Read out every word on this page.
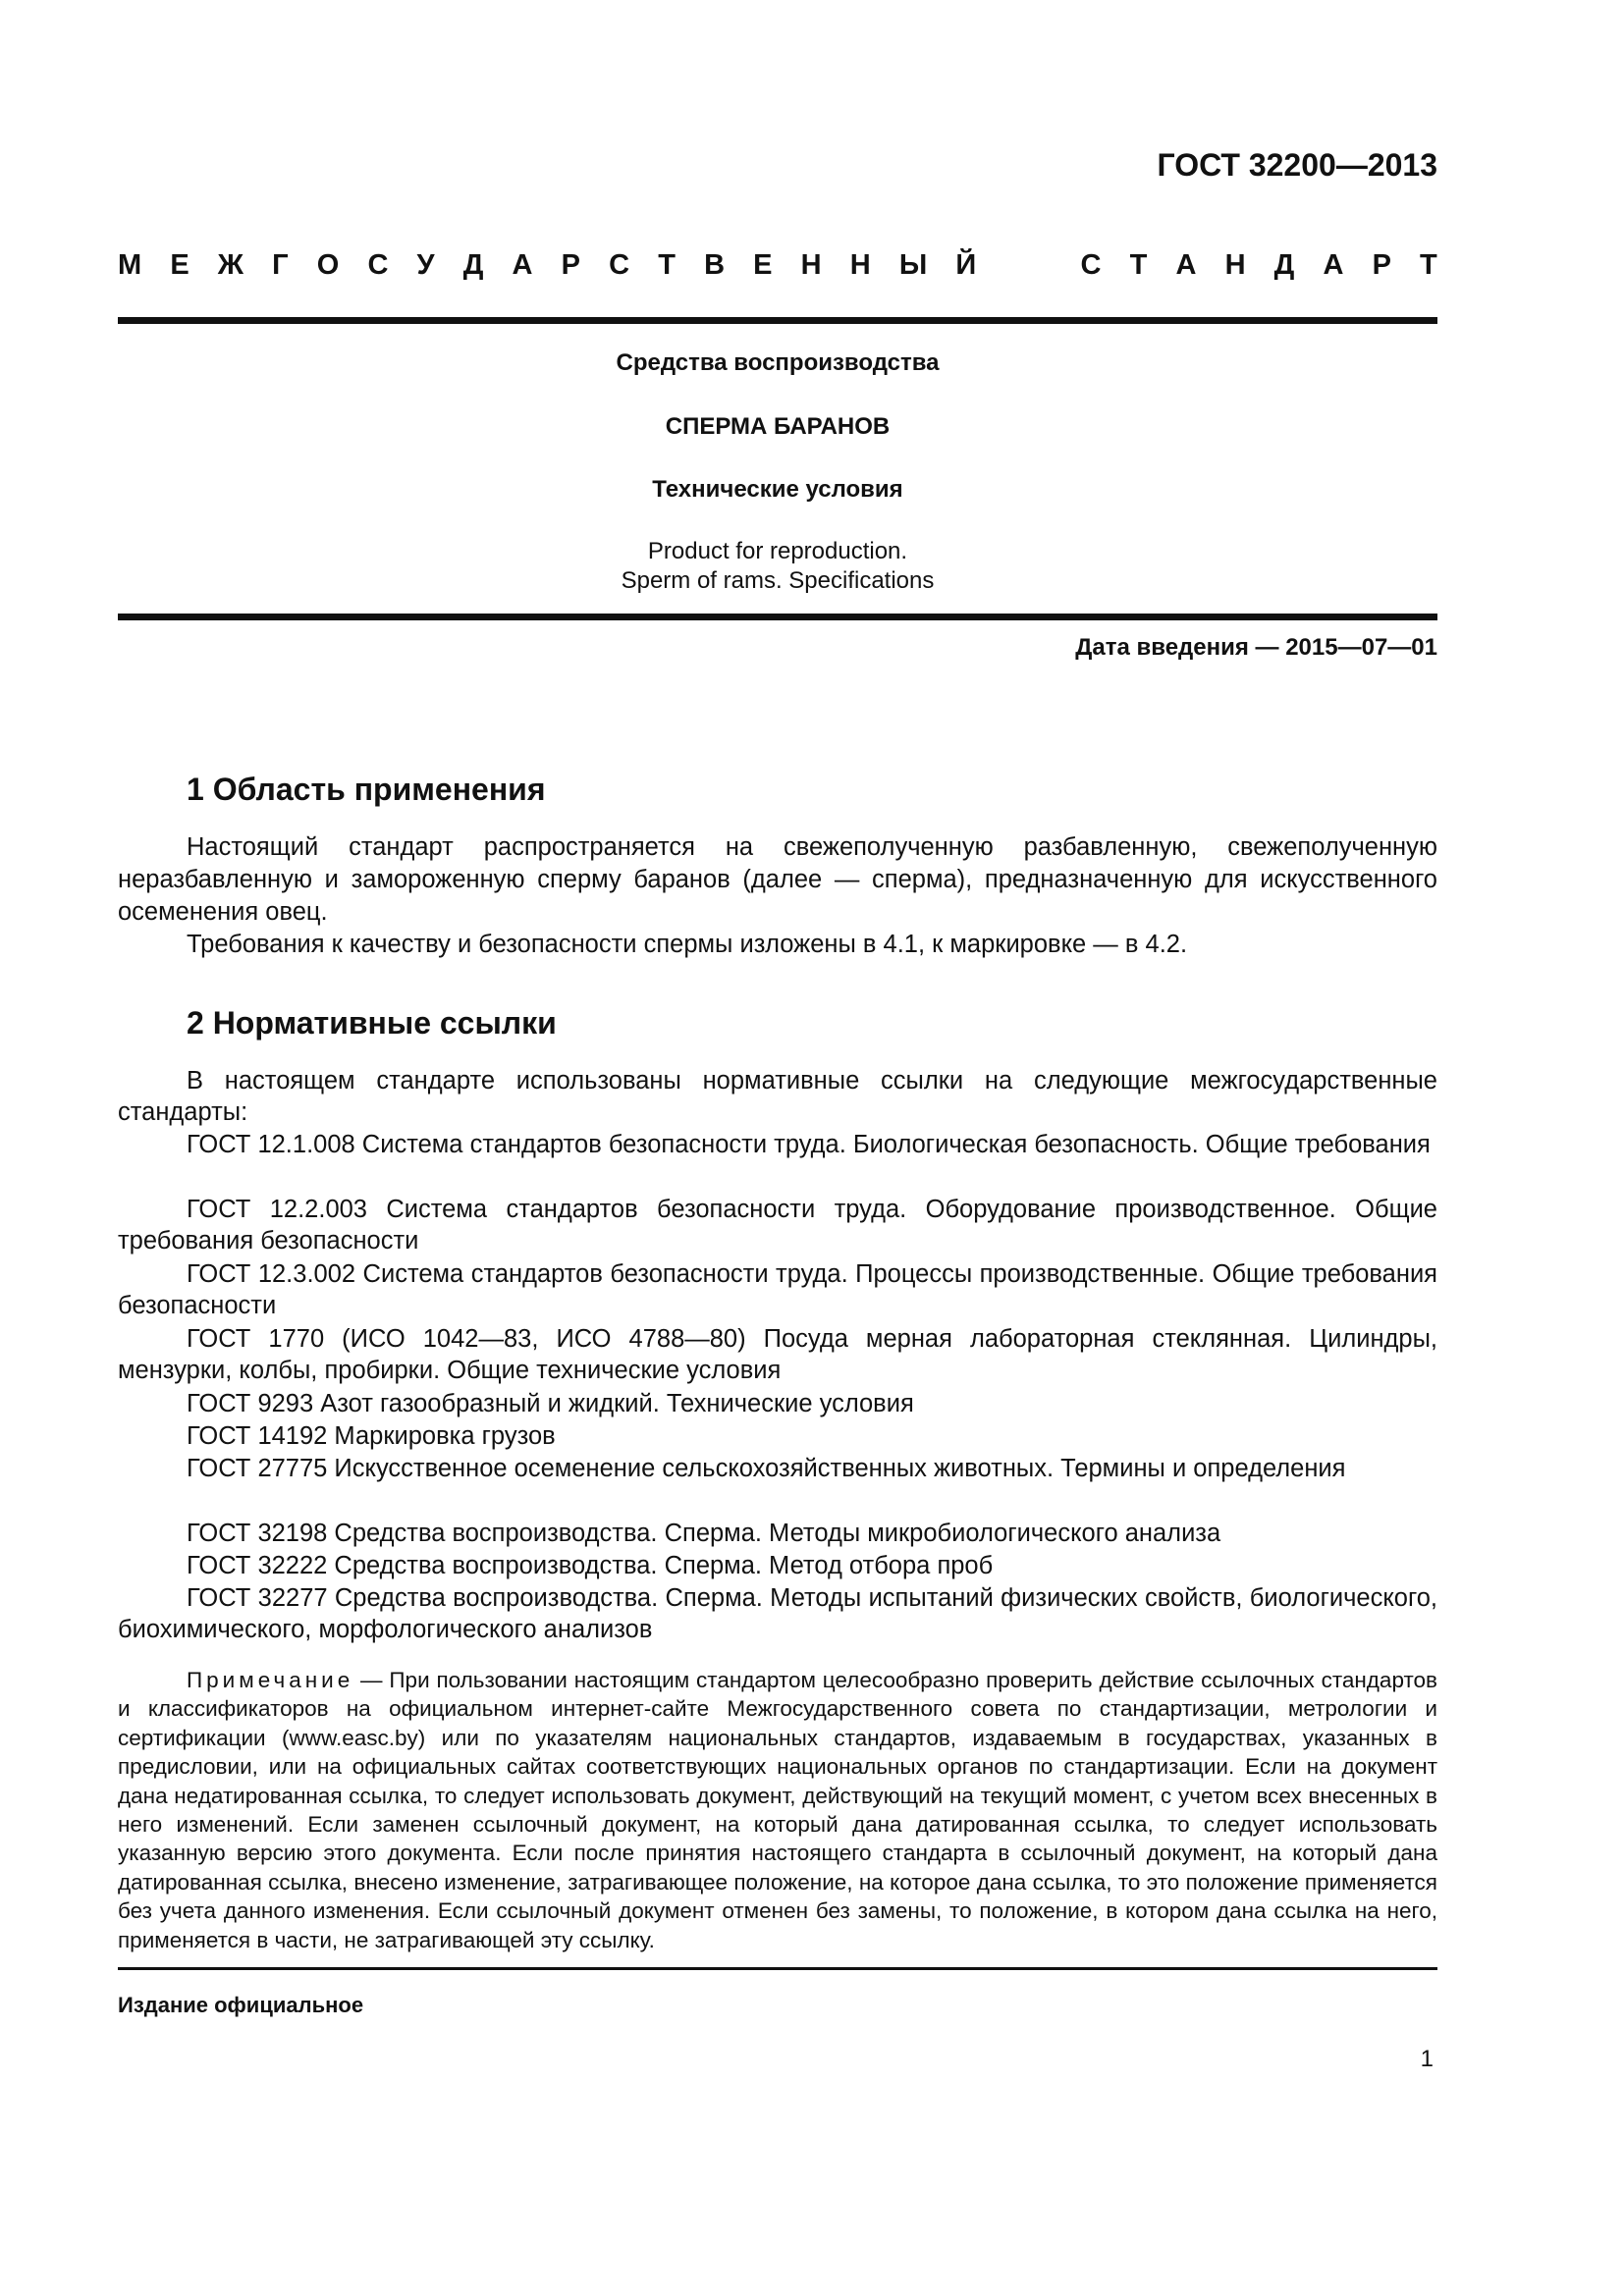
ГОСТ 32200—2013
М Е Ж Г О С У Д А Р С Т В Е Н Н Ы Й	С Т А Н Д А Р Т
Средства воспроизводства
СПЕРМА БАРАНОВ
Технические условия
Product for reproduction.
Sperm of rams. Specifications
Дата введения — 2015—07—01
1 Область применения

Настоящий стандарт распространяется на свежеполученную разбавленную, свежеполученную неразбавленную и замороженную сперму баранов (далее — сперма), предназначенную для искусственного осеменения овец.

Требования к качеству и безопасности спермы изложены в 4.1, к маркировке — в 4.2.

2 Нормативные ссылки

В настоящем стандарте использованы нормативные ссылки на следующие межгосударственные стандарты:

ГОСТ 12.1.008 Система стандартов безопасности труда. Биологическая безопасность. Общие требования

ГОСТ 12.2.003 Система стандартов безопасности труда. Оборудование производственное. Общие требования безопасности

ГОСТ 12.3.002 Система стандартов безопасности труда. Процессы производственные. Общие требования безопасности

ГОСТ 1770 (ИСО 1042—83, ИСО 4788—80) Посуда мерная лабораторная стеклянная. Цилиндры, мензурки, колбы, пробирки. Общие технические условия

ГОСТ 9293 Азот газообразный и жидкий. Технические условия

ГОСТ 14192 Маркировка грузов

ГОСТ 27775 Искусственное осеменение сельскохозяйственных животных. Термины и определения

ГОСТ 32198 Средства воспроизводства. Сперма. Методы микробиологического анализа

ГОСТ 32222 Средства воспроизводства. Сперма. Метод отбора проб

ГОСТ 32277 Средства воспроизводства. Сперма. Методы испытаний физических свойств, биологического, биохимического, морфологического анализов

Примечание — При пользовании настоящим стандартом целесообразно проверить действие ссылочных стандартов и классификаторов на официальном интернет-сайте Межгосударственного совета по стандартизации, метрологии и сертификации (www.easc.by) или по указателям национальных стандартов, издаваемым в государствах, указанных в предисловии, или на официальных сайтах соответствующих национальных органов по стандартизации. Если на документ дана недатированная ссылка, то следует использовать документ, действующий на текущий момент, с учетом всех внесенных в него изменений. Если заменен ссылочный документ, на который дана датированная ссылка, то следует использовать указанную версию этого документа. Если после принятия настоящего стандарта в ссылочный документ, на который дана датированная ссылка, внесено изменение, затрагивающее положение, на которое дана ссылка, то это положение применяется без учета данного изменения. Если ссылочный документ отменен без замены, то положение, в котором дана ссылка на него, применяется в части, не затрагивающей эту ссылку.

Издание официальное
1
